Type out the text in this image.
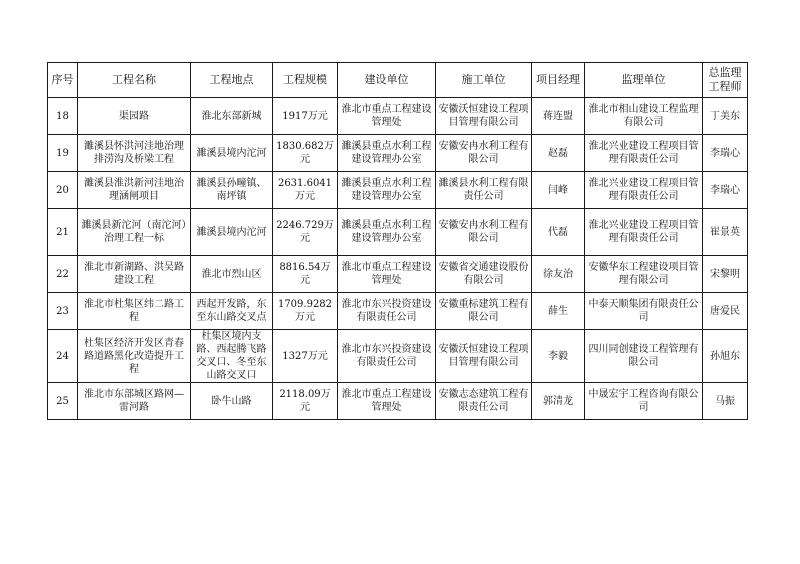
序号	工程名称	工程地点	工程规模	建设单位	施工单位	项目经理	监理单位	总监理工程师
18	渠园路	淮北东部新城	1917万元	淮北市重点工程建设管理处	安徽沃恒建设工程项目管理有限公司	蒋连盟	淮北市相山建设工程监理有限公司	丁美东
19	濉溪县怀洪河洼地治理排涝沟及桥梁工程	濉溪县境内沱河	1830.682万元	濉溪县重点水利工程建设管理办公室	安徽安冉水利工程有限公司	赵磊	淮北兴业建设工程项目管理有限责任公司	李瑞心
20	濉溪县淮洪新河洼地治理涵闸项目	濉溪县孙疃镇、南坪镇	2631.6041万元	濉溪县重点水利工程建设管理办公室	濉溪县水利工程有限责任公司	闫峰	淮北兴业建设工程项目管理有限责任公司	李瑞心
21	濉溪县新沱河（南沱河）治理工程一标	濉溪县境内沱河	2246.729万元	濉溪县重点水利工程建设管理办公室	安徽安冉水利工程有限公司	代磊	淮北兴业建设工程项目管理有限责任公司	崔景英
22	淮北市新湖路、洪吴路建设工程	淮北市烈山区	8816.54万元	淮北市重点工程建设管理处	安徽省交通建设股份有限公司	徐友治	安徽华东工程建设项目管理有限公司	宋黎明
23	淮北市杜集区纬二路工程	西起开发路，东至东山路交叉点	1709.9282万元	淮北市东兴投资建设有限责任公司	安徽重标建筑工程有限公司	薛生	中泰天顺集团有限责任公司	唐爱民
24	杜集区经济开发区青春路道路黑化改造提升工程	杜集区境内支路、西起腾飞路交叉口、冬至东山路交叉口	1327万元	淮北市东兴投资建设有限责任公司	安徽沃恒建设工程项目管理有限公司	李毅	四川同创建设工程管理有限公司	孙旭东
25	淮北市东部城区路网—雷河路	卧牛山路	2118.09万元	淮北市重点工程建设管理处	安徽志态建筑工程有限责任公司	郭清龙	中晟宏宇工程咨询有限公司	马振
